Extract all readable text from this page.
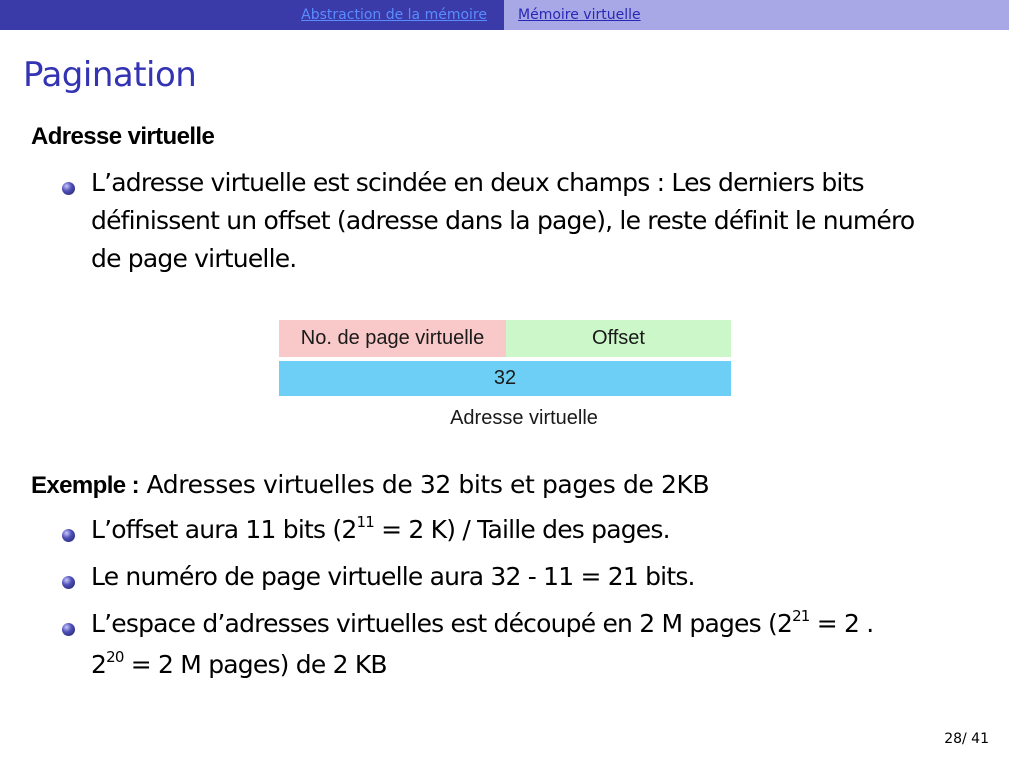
Abstraction de la mémoire Mémoire virtuelle
Pagination
Adresse virtuelle
L’adresse virtuelle est scindée en deux champs : Les derniers bits
définissent un offset (adresse dans la page), le reste définit le numéro
de page virtuelle.
No. de page virtuelle	Offset
32
Adresse virtuelle
Exemple : Adresses virtuelles de 32 bits et pages de 2KB
L’offset aura 11 bits ($2^{11} = 2$ K) / Taille des pages.
Le numéro de page virtuelle aura 32 - 11 = 21 bits.
L’espace d’adresses virtuelles est découpé en 2 M pages ($2^{21} = 2$ .
$2^{20} = 2$ M pages) de 2 KB
28/ 41
